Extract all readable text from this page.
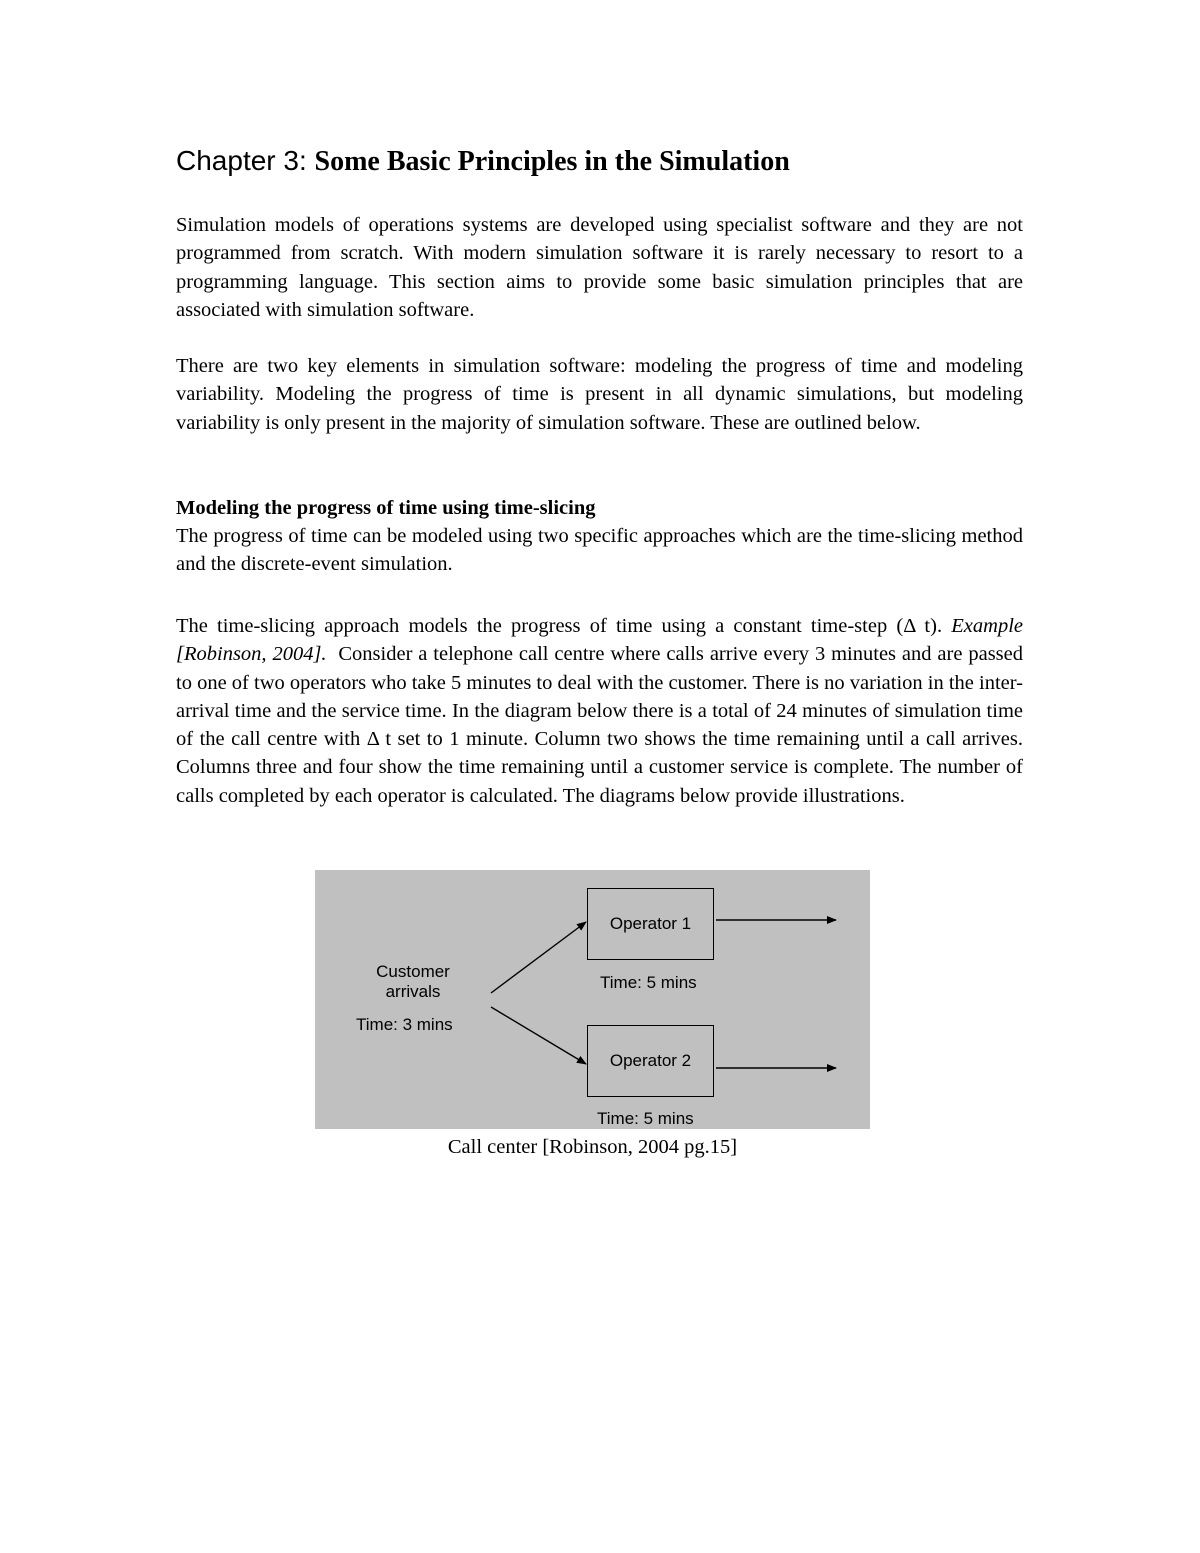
Chapter 3: Some Basic Principles in the Simulation

Simulation models of operations systems are developed using specialist software and they are not programmed from scratch. With modern simulation software it is rarely necessary to resort to a programming language. This section aims to provide some basic simulation principles that are associated with simulation software.

There are two key elements in simulation software: modeling the progress of time and modeling variability. Modeling the progress of time is present in all dynamic simulations, but modeling variability is only present in the majority of simulation software. These are outlined below.

Modeling the progress of time using time-slicing

The progress of time can be modeled using two specific approaches which are the time-slicing method and the discrete-event simulation.

The time-slicing approach models the progress of time using a constant time-step (Δ t). Example [Robinson, 2004]. Consider a telephone call centre where calls arrive every 3 minutes and are passed to one of two operators who take 5 minutes to deal with the customer. There is no variation in the inter-arrival time and the service time. In the diagram below there is a total of 24 minutes of simulation time of the call centre with Δ t set to 1 minute. Column two shows the time remaining until a call arrives. Columns three and four show the time remaining until a customer service is complete. The number of calls completed by each operator is calculated. The diagrams below provide illustrations.

Customer
arrivals
Time: 3 mins
Operator 1
Time: 5 mins
Operator 2
Time: 5 mins
Call center [Robinson, 2004 pg.15]
